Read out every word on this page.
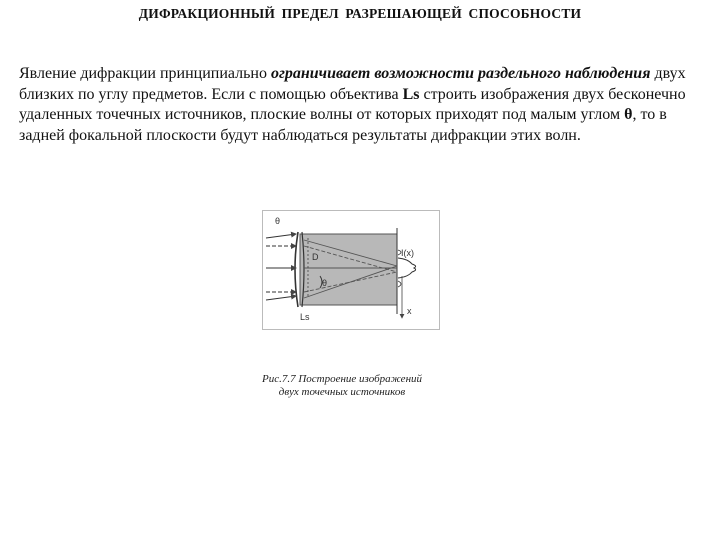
ДИФРАКЦИОННЫЙ ПРЕДЕЛ РАЗРЕШАЮЩЕЙ СПОСОБНОСТИ
Явление дифракции принципиально ограничивает возможности раздельного наблюдения двух близких по углу предметов. Если с помощью объектива Ls строить изображения двух бесконечно удаленных точечных источников, плоские волны от которых приходят под малым углом θ, то в задней фокальной плоскости будут наблюдаться результаты дифракции этих волн.
θ
D
θ
Ls
I(x)
x
Рис.7.7 Построение изображений
двух точечных источников
